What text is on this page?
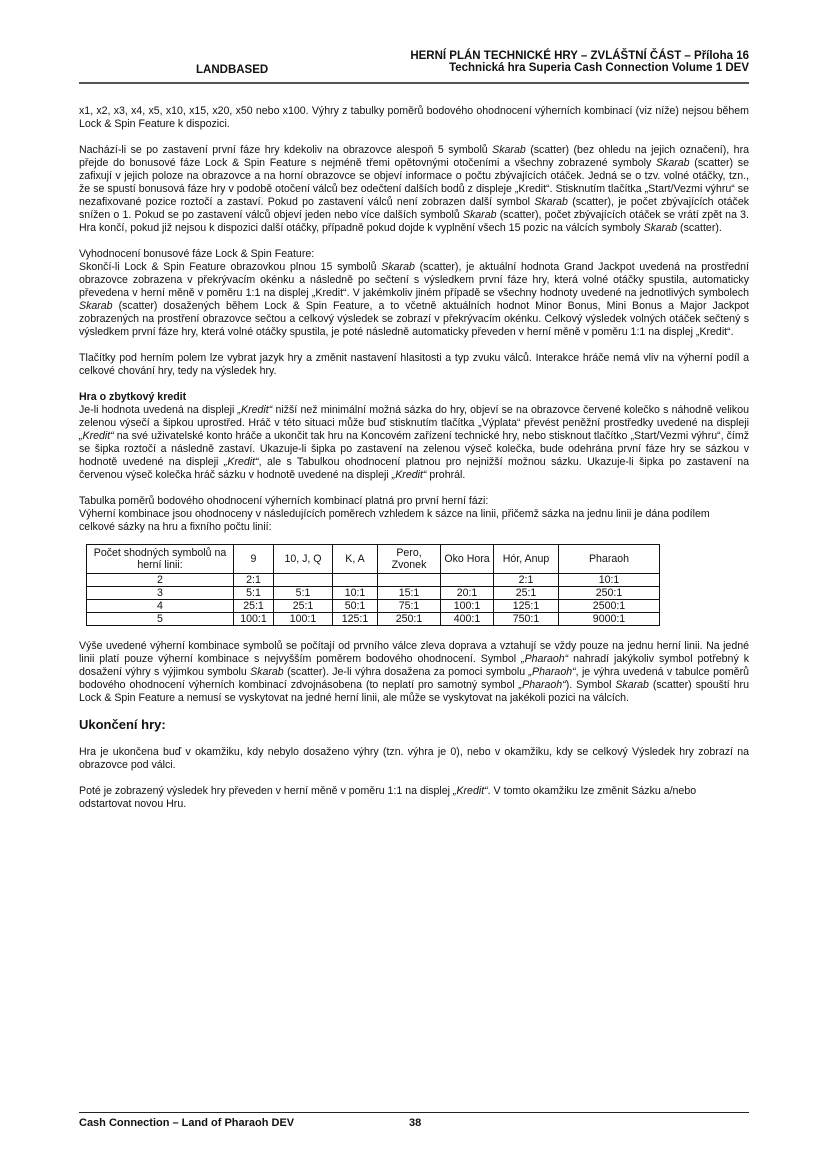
LANDBASED
HERNÍ PLÁN TECHNICKÉ HRY – ZVLÁŠTNÍ ČÁST – Příloha 16
Technická hra Superia Cash Connection Volume 1 DEV

x1, x2, x3, x4, x5, x10, x15, x20, x50 nebo x100. Výhry z tabulky poměrů bodového ohodnocení výherních kombinací (viz níže) nejsou během Lock & Spin Feature k dispozici.

Nachází-li se po zastavení první fáze hry kdekoliv na obrazovce alespoň 5 symbolů Skarab (scatter) (bez ohledu na jejich označení), hra přejde do bonusové fáze Lock & Spin Feature s nejméně třemi opětovnými otočeními a všechny zobrazené symboly Skarab (scatter) se zafixují v jejich poloze na obrazovce a na horní obrazovce se objeví informace o počtu zbývajících otáček. Jedná se o tzv. volné otáčky, tzn., že se spustí bonusová fáze hry v podobě otočení válců bez odečtení dalších bodů z displeje „Kredit“. Stisknutím tlačítka „Start/Vezmi výhru“ se nezafixované pozice roztočí a zastaví. Pokud po zastavení válců není zobrazen další symbol Skarab (scatter), je počet zbývajících otáček snížen o 1. Pokud se po zastavení válců objeví jeden nebo více dalších symbolů Skarab (scatter), počet zbývajících otáček se vrátí zpět na 3. Hra končí, pokud již nejsou k dispozici další otáčky, případně pokud dojde k vyplnění všech 15 pozic na válcích symboly Skarab (scatter).

Vyhodnocení bonusové fáze Lock & Spin Feature:

Skončí-li Lock & Spin Feature obrazovkou plnou 15 symbolů Skarab (scatter), je aktuální hodnota Grand Jackpot uvedená na prostřední obrazovce zobrazena v překrývacím okénku a následně po sečtení s výsledkem první fáze hry, která volné otáčky spustila, automaticky převedena v herní měně v poměru 1:1 na displej „Kredit“. V jakémkoliv jiném případě se všechny hodnoty uvedené na jednotlivých symbolech Skarab (scatter) dosažených během Lock & Spin Feature, a to včetně aktuálních hodnot Minor Bonus, Mini Bonus a Major Jackpot zobrazených na prostření obrazovce sečtou a celkový výsledek se zobrazí v překrývacím okénku. Celkový výsledek volných otáček sečtený s výsledkem první fáze hry, která volné otáčky spustila, je poté následně automaticky převeden v herní měně v poměru 1:1 na displej „Kredit“.

Tlačítky pod herním polem lze vybrat jazyk hry a změnit nastavení hlasitosti a typ zvuku válců. Interakce hráče nemá vliv na výherní podíl a celkové chování hry, tedy na výsledek hry.

Hra o zbytkový kredit

Je-li hodnota uvedená na displeji „Kredit“ nižší než minimální možná sázka do hry, objeví se na obrazovce červené kolečko s náhodně velikou zelenou výsečí a šipkou uprostřed. Hráč v této situaci může buď stisknutím tlačítka „Výplata“ převést peněžní prostředky uvedené na displeji „Kredit“ na své uživatelské konto hráče a ukončit tak hru na Koncovém zařízení technické hry, nebo stisknout tlačítko „Start/Vezmi výhru“, čímž se šipka roztočí a následně zastaví. Ukazuje-li šipka po zastavení na zelenou výseč kolečka, bude odehrána první fáze hry se sázkou v hodnotě uvedené na displeji „Kredit“, ale s Tabulkou ohodnocení platnou pro nejnižší možnou sázku. Ukazuje-li šipka po zastavení na červenou výseč kolečka hráč sázku v hodnotě uvedené na displeji „Kredit“ prohrál.

Tabulka poměrů bodového ohodnocení výherních kombinací platná pro první herní fázi:

Výherní kombinace jsou ohodnoceny v následujících poměrech vzhledem k sázce na linii, přičemž sázka na jednu linii je dána podílem celkové sázky na hru a fixního počtu linií:

Počet shodných symbolů na herní linii:	9	10, J, Q	K, A	Pero, Zvonek	Oko Hora	Hór, Anup	Pharaoh
2	2:1					2:1	10:1
3	5:1	5:1	10:1	15:1	20:1	25:1	250:1
4	25:1	25:1	50:1	75:1	100:1	125:1	2500:1
5	100:1	100:1	125:1	250:1	400:1	750:1	9000:1

Výše uvedené výherní kombinace symbolů se počítají od prvního válce zleva doprava a vztahují se vždy pouze na jednu herní linii. Na jedné linii platí pouze výherní kombinace s nejvyšším poměrem bodového ohodnocení. Symbol „Pharaoh“ nahradí jakýkoliv symbol potřebný k dosažení výhry s výjimkou symbolu Skarab (scatter). Je-li výhra dosažena za pomoci symbolu „Pharaoh“, je výhra uvedená v tabulce poměrů bodového ohodnocení výherních kombinací zdvojnásobena (to neplatí pro samotný symbol „Pharaoh“). Symbol Skarab (scatter) spouští hru Lock & Spin Feature a nemusí se vyskytovat na jedné herní linii, ale může se vyskytovat na jakékoli pozici na válcích.

Ukončení hry:

Hra je ukončena buď v okamžiku, kdy nebylo dosaženo výhry (tzn. výhra je 0), nebo v okamžiku, kdy se celkový Výsledek hry zobrazí na obrazovce pod válci.

Poté je zobrazený výsledek hry převeden v herní měně v poměru 1:1 na displej „Kredit“. V tomto okamžiku lze změnit Sázku a/nebo odstartovat novou Hru.

Cash Connection – Land of Pharaoh DEV	38
